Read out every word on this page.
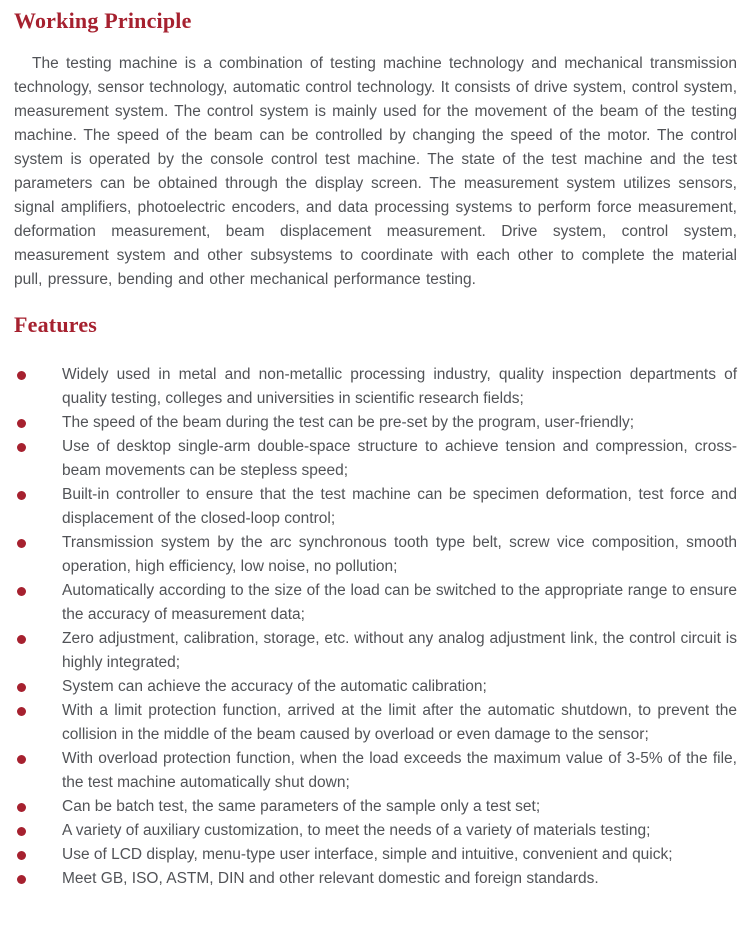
Working Principle

The testing machine is a combination of testing machine technology and mechanical transmission technology, sensor technology, automatic control technology. It consists of drive system, control system, measurement system. The control system is mainly used for the movement of the beam of the testing machine. The speed of the beam can be controlled by changing the speed of the motor. The control system is operated by the console control test machine. The state of the test machine and the test parameters can be obtained through the display screen. The measurement system utilizes sensors, signal amplifiers, photoelectric encoders, and data processing systems to perform force measurement, deformation measurement, beam displacement measurement. Drive system, control system, measurement system and other subsystems to coordinate with each other to complete the material pull, pressure, bending and other mechanical performance testing.

Features
Widely used in metal and non-metallic processing industry, quality inspection departments of quality testing, colleges and universities in scientific research fields;
The speed of the beam during the test can be pre-set by the program, user-friendly;
Use of desktop single-arm double-space structure to achieve tension and compression, cross-beam movements can be stepless speed;
Built-in controller to ensure that the test machine can be specimen deformation, test force and displacement of the closed-loop control;
Transmission system by the arc synchronous tooth type belt, screw vice composition, smooth operation, high efficiency, low noise, no pollution;
Automatically according to the size of the load can be switched to the appropriate range to ensure the accuracy of measurement data;
Zero adjustment, calibration, storage, etc. without any analog adjustment link, the control circuit is highly integrated;
System can achieve the accuracy of the automatic calibration;
With a limit protection function, arrived at the limit after the automatic shutdown, to prevent the collision in the middle of the beam caused by overload or even damage to the sensor;
With overload protection function, when the load exceeds the maximum value of 3-5% of the file, the test machine automatically shut down;
Can be batch test, the same parameters of the sample only a test set;
A variety of auxiliary customization, to meet the needs of a variety of materials testing;
Use of LCD display, menu-type user interface, simple and intuitive, convenient and quick;
Meet GB, ISO, ASTM, DIN and other relevant domestic and foreign standards.
